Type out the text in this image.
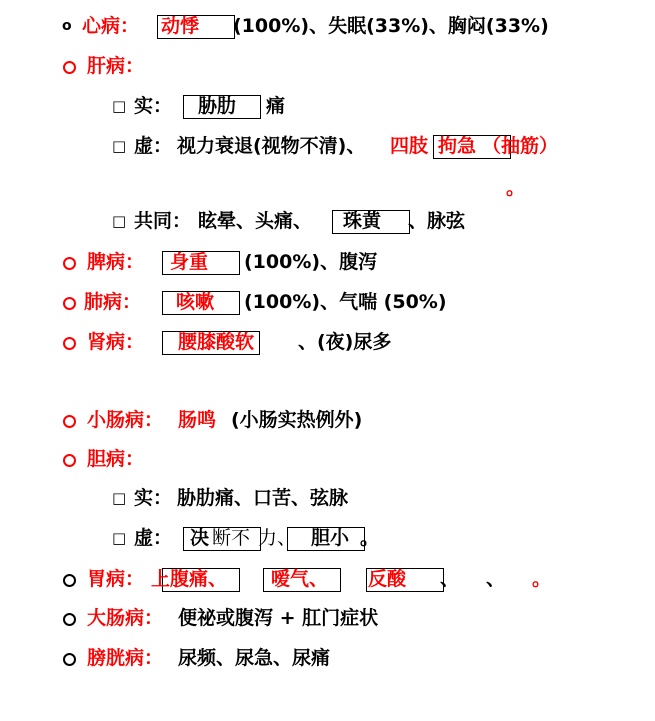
o 心病： 动悸 (100%)、失眠(33%)、胸闷(33%)
肝病：
□ 实： 胁肋 痛
□ 虚： 视力衰退(视物不清)、 四肢 拘急 （抽筋）
。
□ 共同： 眩晕、头痛、 珠黄 、脉弦
脾病： 身重 (100%)、腹泻
肺病： 咳嗽 (100%)、气喘 (50%)
肾病： 腰膝酸软 、(夜)尿多
小肠病： 肠鸣 (小肠实热例外)
胆病：
□ 实： 胁肋痛、口苦、弦脉
□ 虚： 决 断不 力、 胆小 。
胃病： 上腹痛、 嗳气、 反酸 、 、 。
大肠病： 便祕或腹泻 + 肛门症状
膀胱病： 尿频、尿急、尿痛
